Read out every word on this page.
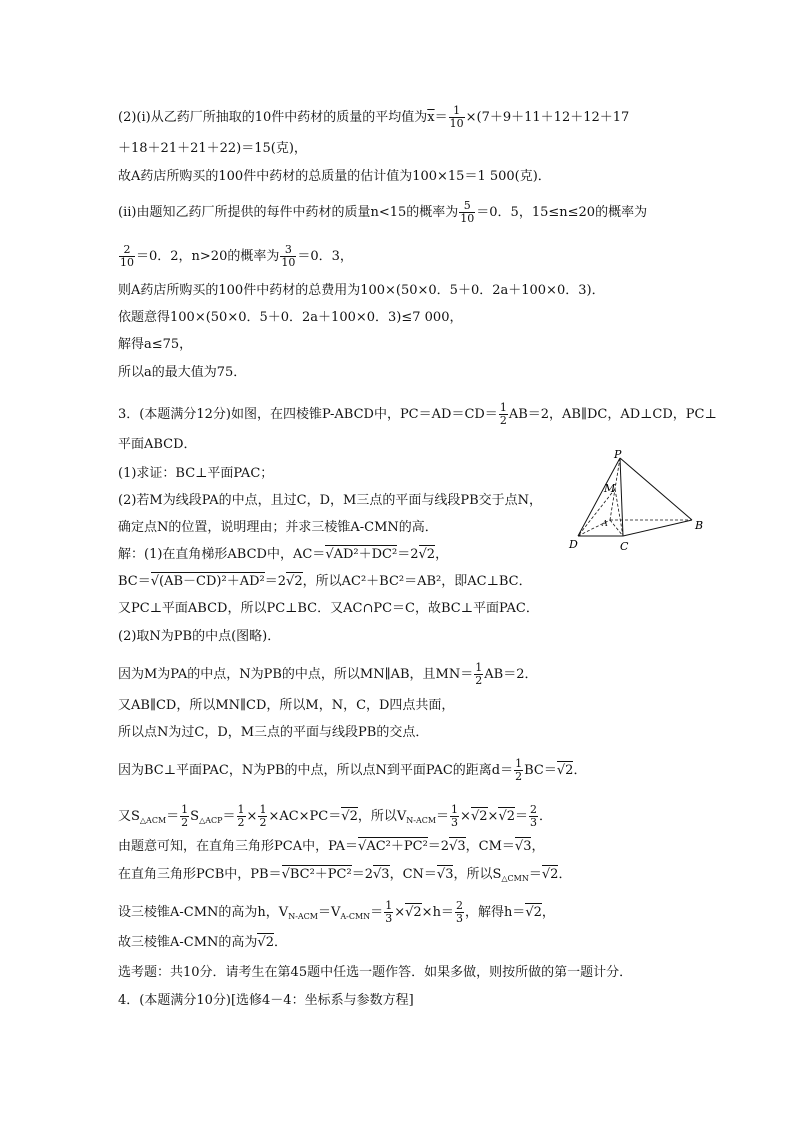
(2)(ⅰ)从乙药厂所抽取的10件中药材的质量的平均值为$\overline{x}= \frac{1}{10} \times(7+9+11+12+12+17$
＋18＋21＋21＋22)＝15(克)，
故A药店所购买的100件中药材的总质量的估计值为100×15＝1 500(克)．
(ⅱ)由题知乙药厂所提供的每件中药材的质量n<15的概率为 $\frac{5}{10} =0$．5，15≤n≤20的概率为
$\frac{2}{10} =0$．2，n>20的概率为 $\frac{3}{10} =0$．3，
则A药店所购买的100件中药材的总费用为100×(50×0．5＋0．2a＋100×0．3)．
依题意得100×(50×0．5＋0．2a＋100×0．3)≤7 000，
解得a≤75，
所以a的最大值为75．
3．(本题满分12分)如图，在四棱锥P-ABCD中，$PC=AD=CD= \frac{1}{2} AB=2$，AB∥DC，AD⊥CD，PC⊥
平面ABCD．
(1)求证：BC⊥平面PAC；
(2)若M为线段PA的中点，且过C，D，M三点的平面与线段PB交于点N，
确定点N的位置，说明理由；并求三棱锥A-CMN的高．
解：(1)在直角梯形ABCD中，AC＝ √ AD²＋DC²＝2 √ 2，
BC＝ √ (AB－CD)²＋AD²＝2 √ 2，所以AC²＋BC²＝AB²，即AC⊥BC．
又PC⊥平面ABCD，所以PC⊥BC．又AC∩PC＝C，故BC⊥平面PAC．
(2)取N为PB的中点(图略)．
因为M为PA的中点，N为PB的中点，所以MN∥AB，且$MN= \frac{1}{2} AB=2$．
又AB∥CD，所以MN∥CD，所以M，N，C，D四点共面，
所以点N为过C，D，M三点的平面与线段PB的交点．
因为BC⊥平面PAC，N为PB的中点，所以点N到平面PAC的距离$d= \frac{1}{2} BC=$ √ 2．
又$S_{\triangle ACM}= \frac{1}{2} S_{\triangle ACP}= \frac{1}{2} \times \frac{1}{2} \times AC\times PC=$ √ 2，所以$V_{N-ACM}= \frac{1}{3}$ × √ 2× √ $2= \frac{2}{3}$ ．
由题意可知，在直角三角形PCA中，PA＝ √ AC²＋PC²＝2 √ 3，CM＝ √ 3，
在直角三角形PCB中，PB＝ √ BC²＋PC²＝2 √ 3，CN＝ √ 3，所以$S_{\triangle CMN}=$ √ 2．
设三棱锥A-CMN的高为h，$V_{N-ACM}=V_{A-CMN}= \frac{1}{3}$ × √ $2\times h= \frac{2}{3}$ ，解得h＝ √ 2，
故三棱锥A-CMN的高为 √ 2．
选考题：共10分．请考生在第45题中任选一题作答．如果多做，则按所做的第一题计分．
4．(本题满分10分)[选修4－4：坐标系与参数方程]
P
M
A	B
C
D
